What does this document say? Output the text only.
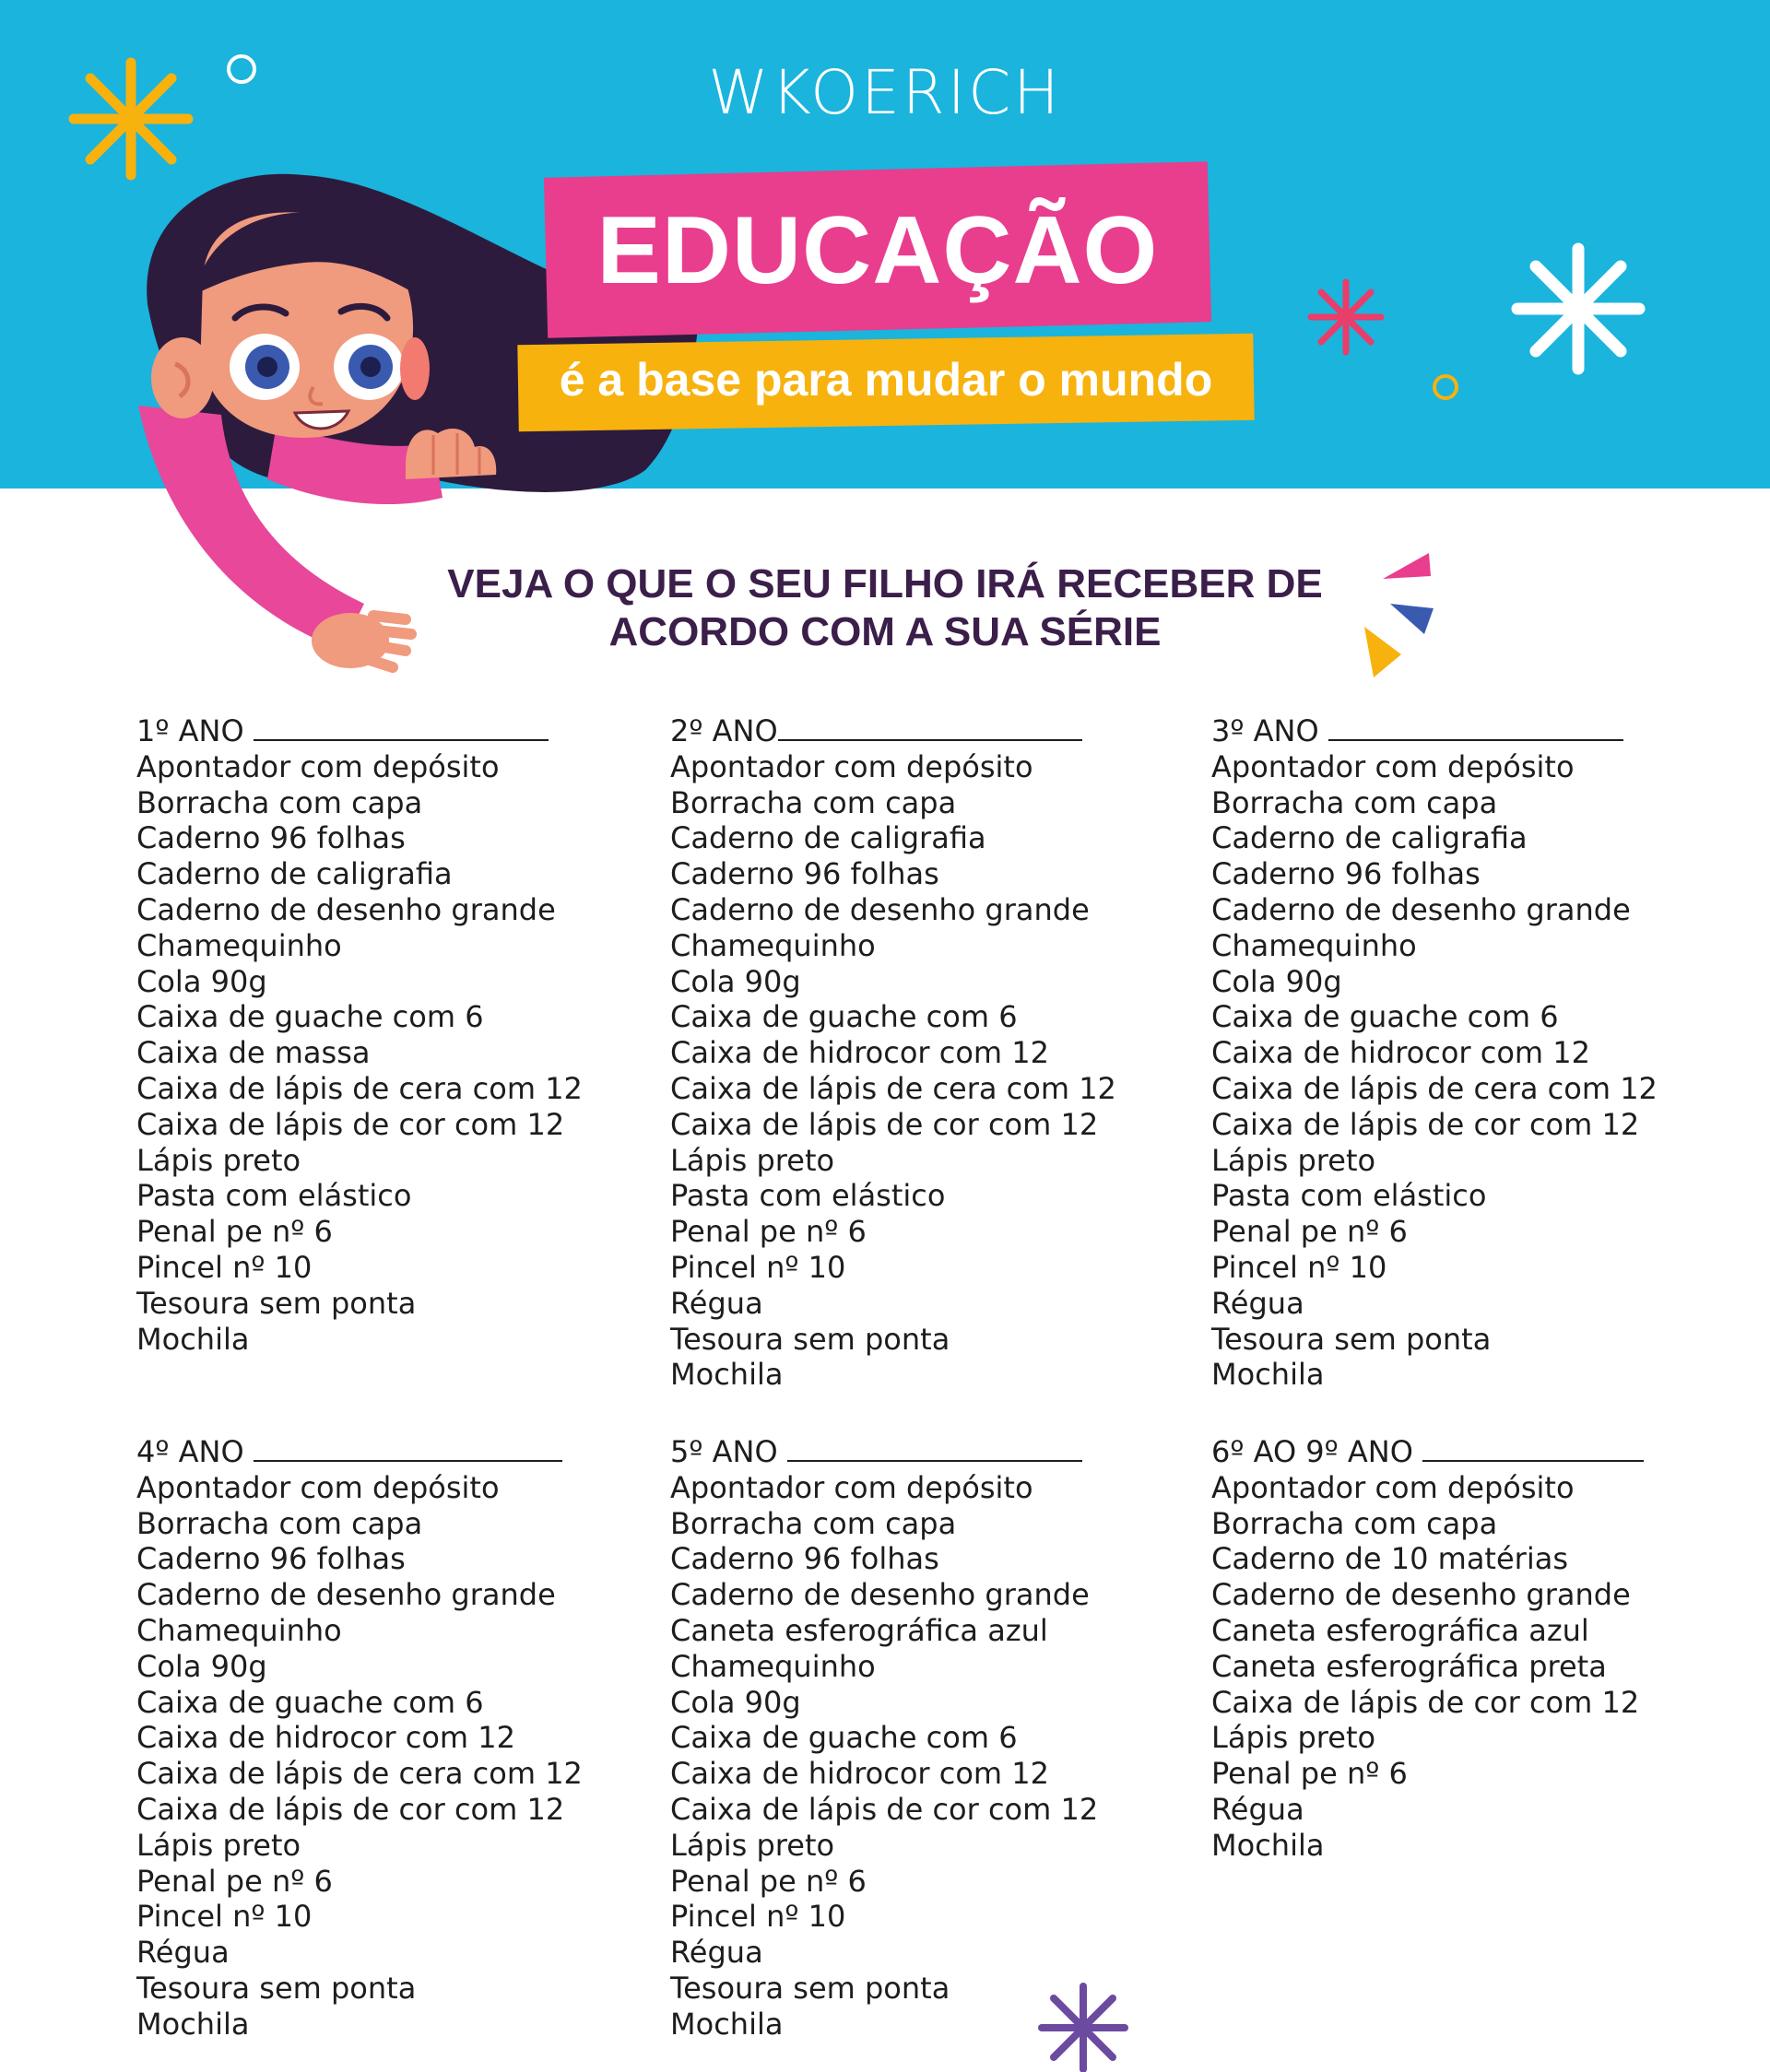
WKOERICH
EDUCAÇÃO
é a base para mudar o mundo
VEJA O QUE O SEU FILHO IRÁ RECEBER DE
ACORDO COM A SUA SÉRIE
1º ANO
Apontador com depósito
Borracha com capa
Caderno 96 folhas
Caderno de caligrafia
Caderno de desenho grande
Chamequinho
Cola 90g
Caixa de guache com 6
Caixa de massa
Caixa de lápis de cera com 12
Caixa de lápis de cor com 12
Lápis preto
Pasta com elástico
Penal pe nº 6
Pincel nº 10
Tesoura sem ponta
Mochila
2º ANO
Apontador com depósito
Borracha com capa
Caderno de caligrafia
Caderno 96 folhas
Caderno de desenho grande
Chamequinho
Cola 90g
Caixa de guache com 6
Caixa de hidrocor com 12
Caixa de lápis de cera com 12
Caixa de lápis de cor com 12
Lápis preto
Pasta com elástico
Penal pe nº 6
Pincel nº 10
Régua
Tesoura sem ponta
Mochila
3º ANO
Apontador com depósito
Borracha com capa
Caderno de caligrafia
Caderno 96 folhas
Caderno de desenho grande
Chamequinho
Cola 90g
Caixa de guache com 6
Caixa de hidrocor com 12
Caixa de lápis de cera com 12
Caixa de lápis de cor com 12
Lápis preto
Pasta com elástico
Penal pe nº 6
Pincel nº 10
Régua
Tesoura sem ponta
Mochila
4º ANO
Apontador com depósito
Borracha com capa
Caderno 96 folhas
Caderno de desenho grande
Chamequinho
Cola 90g
Caixa de guache com 6
Caixa de hidrocor com 12
Caixa de lápis de cera com 12
Caixa de lápis de cor com 12
Lápis preto
Penal pe nº 6
Pincel nº 10
Régua
Tesoura sem ponta
Mochila
5º ANO
Apontador com depósito
Borracha com capa
Caderno 96 folhas
Caderno de desenho grande
Caneta esferográfica azul
Chamequinho
Cola 90g
Caixa de guache com 6
Caixa de hidrocor com 12
Caixa de lápis de cor com 12
Lápis preto
Penal pe nº 6
Pincel nº 10
Régua
Tesoura sem ponta
Mochila
6º AO 9º ANO
Apontador com depósito
Borracha com capa
Caderno de 10 matérias
Caderno de desenho grande
Caneta esferográfica azul
Caneta esferográfica preta
Caixa de lápis de cor com 12
Lápis preto
Penal pe nº 6
Régua
Mochila
